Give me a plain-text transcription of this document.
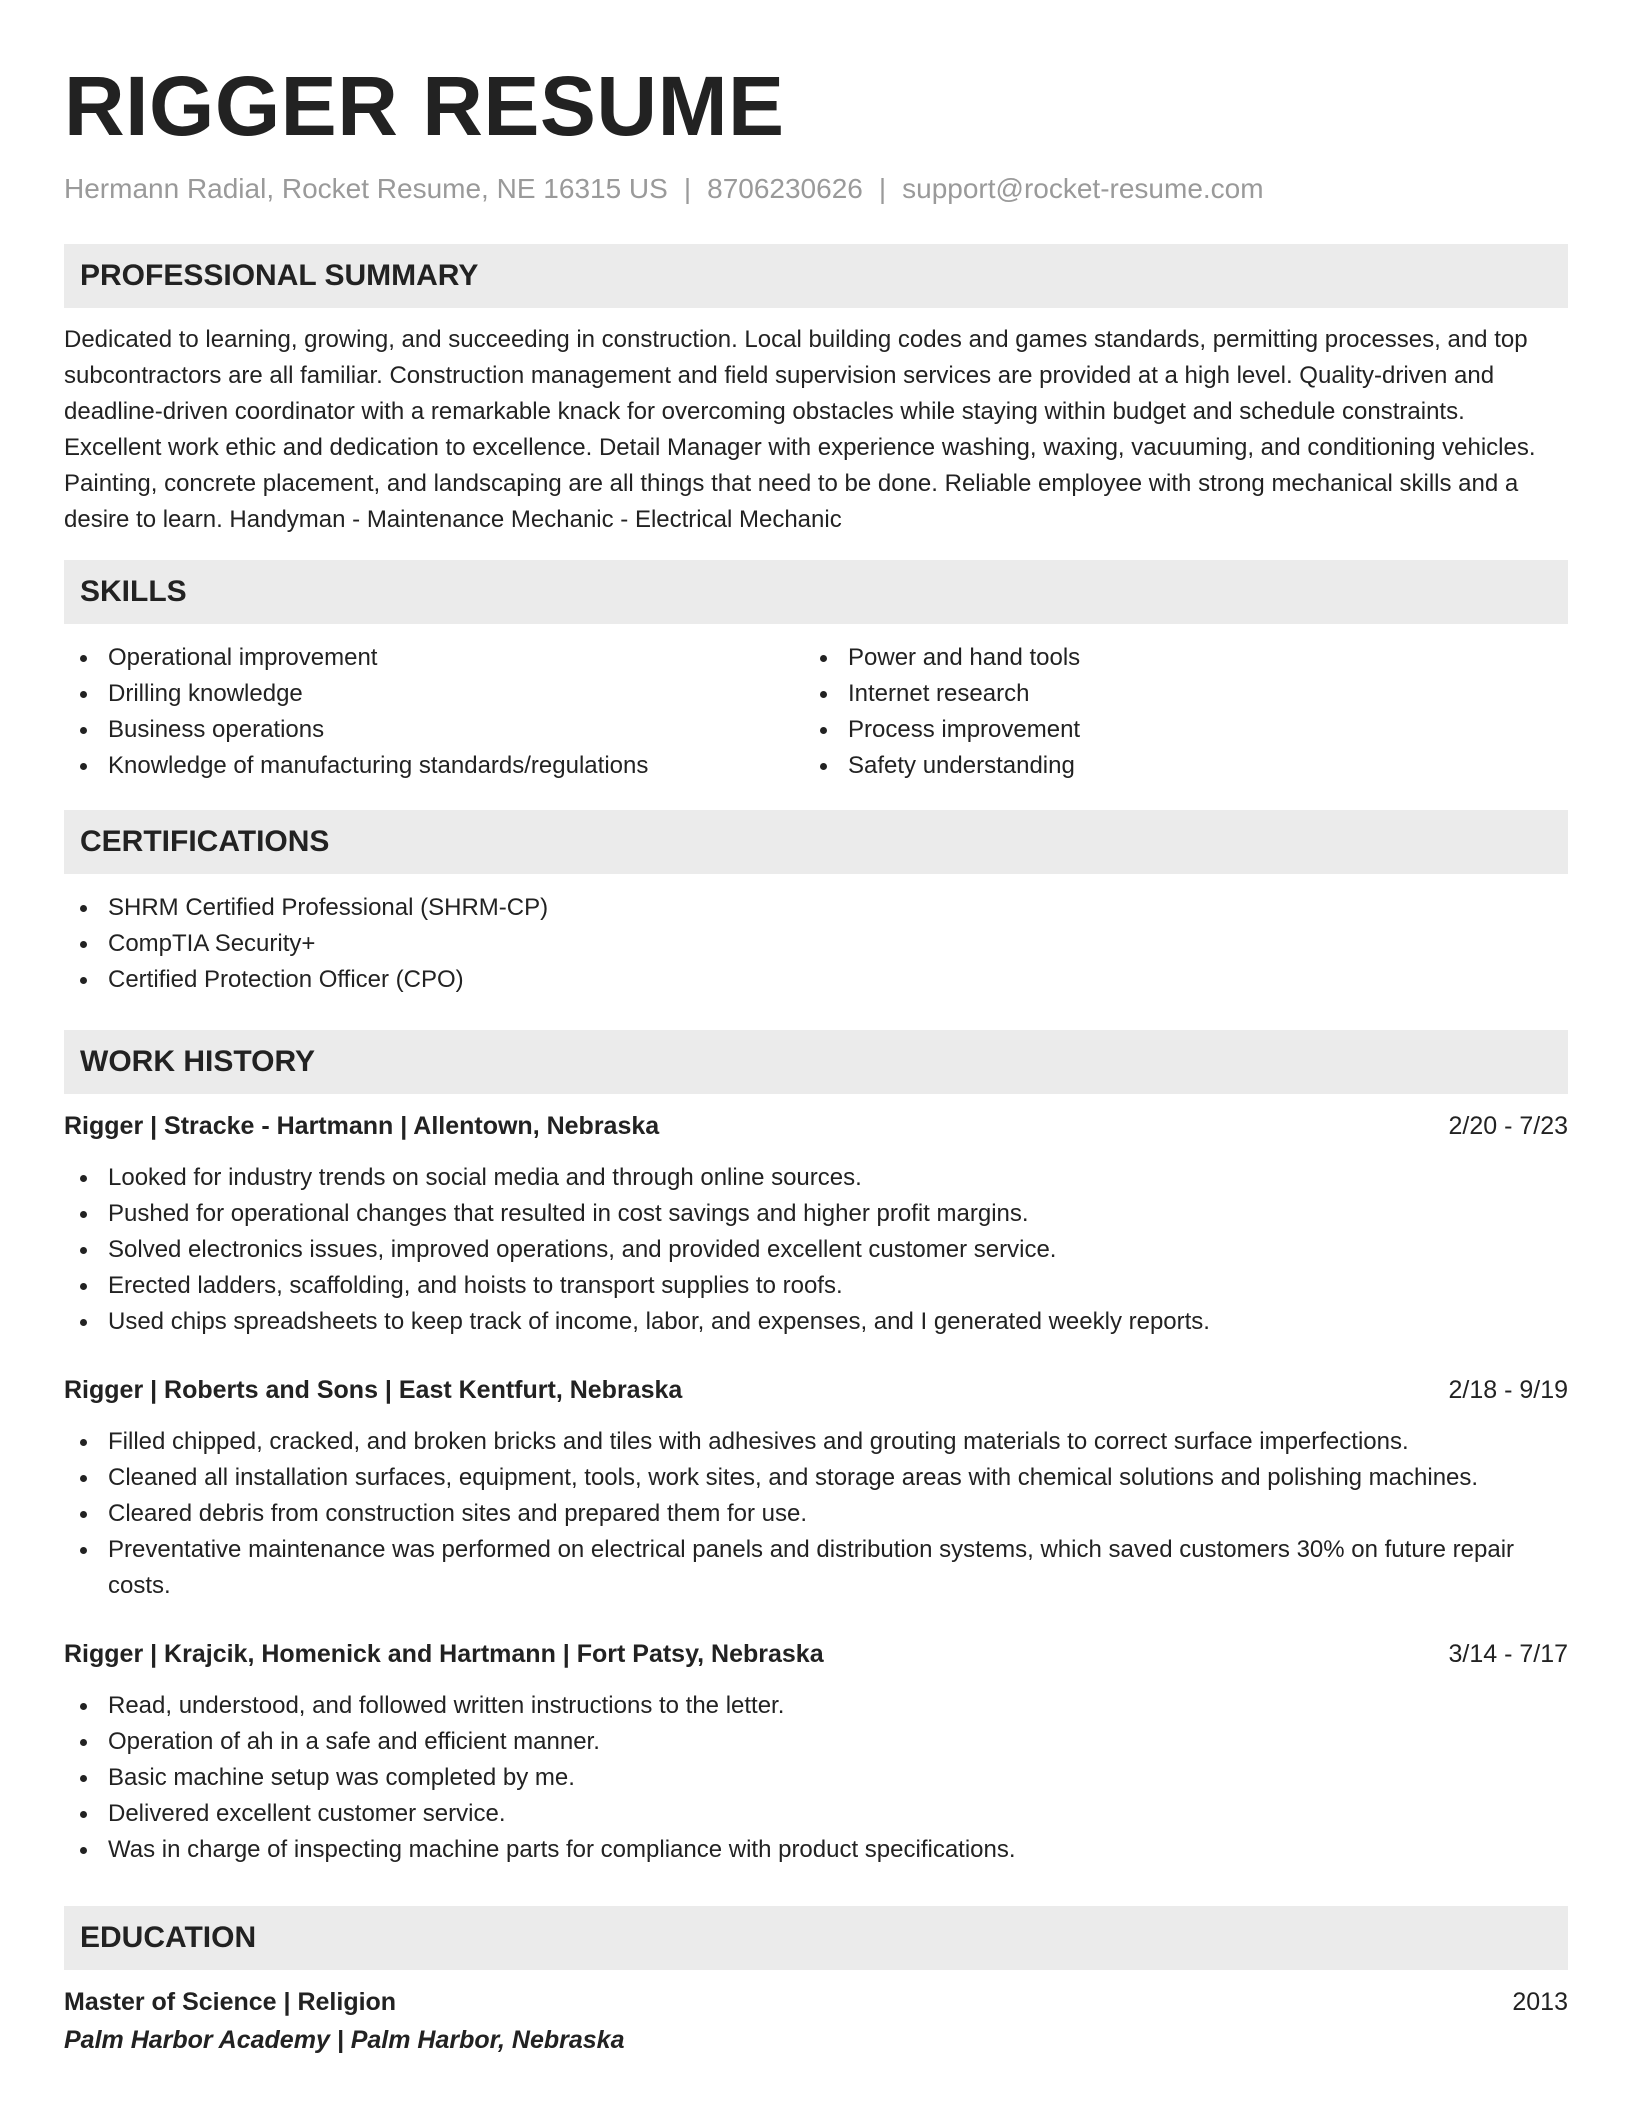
RIGGER RESUME
Hermann Radial, Rocket Resume, NE 16315 US | 8706230626 | support@rocket-resume.com
PROFESSIONAL SUMMARY

Dedicated to learning, growing, and succeeding in construction. Local building codes and games standards, permitting processes, and top subcontractors are all familiar. Construction management and field supervision services are provided at a high level. Quality-driven and deadline-driven coordinator with a remarkable knack for overcoming obstacles while staying within budget and schedule constraints. Excellent work ethic and dedication to excellence. Detail Manager with experience washing, waxing, vacuuming, and conditioning vehicles. Painting, concrete placement, and landscaping are all things that need to be done. Reliable employee with strong mechanical skills and a desire to learn. Handyman - Maintenance Mechanic - Electrical Mechanic

SKILLS
Operational improvement
Drilling knowledge
Business operations
Knowledge of manufacturing standards/regulations
Power and hand tools
Internet research
Process improvement
Safety understanding
CERTIFICATIONS
SHRM Certified Professional (SHRM-CP)
CompTIA Security+
Certified Protection Officer (CPO)
WORK HISTORY
Rigger | Stracke - Hartmann | Allentown, Nebraska	2/20 - 7/23
Looked for industry trends on social media and through online sources.
Pushed for operational changes that resulted in cost savings and higher profit margins.
Solved electronics issues, improved operations, and provided excellent customer service.
Erected ladders, scaffolding, and hoists to transport supplies to roofs.
Used chips spreadsheets to keep track of income, labor, and expenses, and I generated weekly reports.
Rigger | Roberts and Sons | East Kentfurt, Nebraska	2/18 - 9/19
Filled chipped, cracked, and broken bricks and tiles with adhesives and grouting materials to correct surface imperfections.
Cleaned all installation surfaces, equipment, tools, work sites, and storage areas with chemical solutions and polishing machines.
Cleared debris from construction sites and prepared them for use.
Preventative maintenance was performed on electrical panels and distribution systems, which saved customers 30% on future repair costs.
Rigger | Krajcik, Homenick and Hartmann | Fort Patsy, Nebraska	3/14 - 7/17
Read, understood, and followed written instructions to the letter.
Operation of ah in a safe and efficient manner.
Basic machine setup was completed by me.
Delivered excellent customer service.
Was in charge of inspecting machine parts for compliance with product specifications.
EDUCATION
Master of Science | Religion	2013
Palm Harbor Academy | Palm Harbor, Nebraska
